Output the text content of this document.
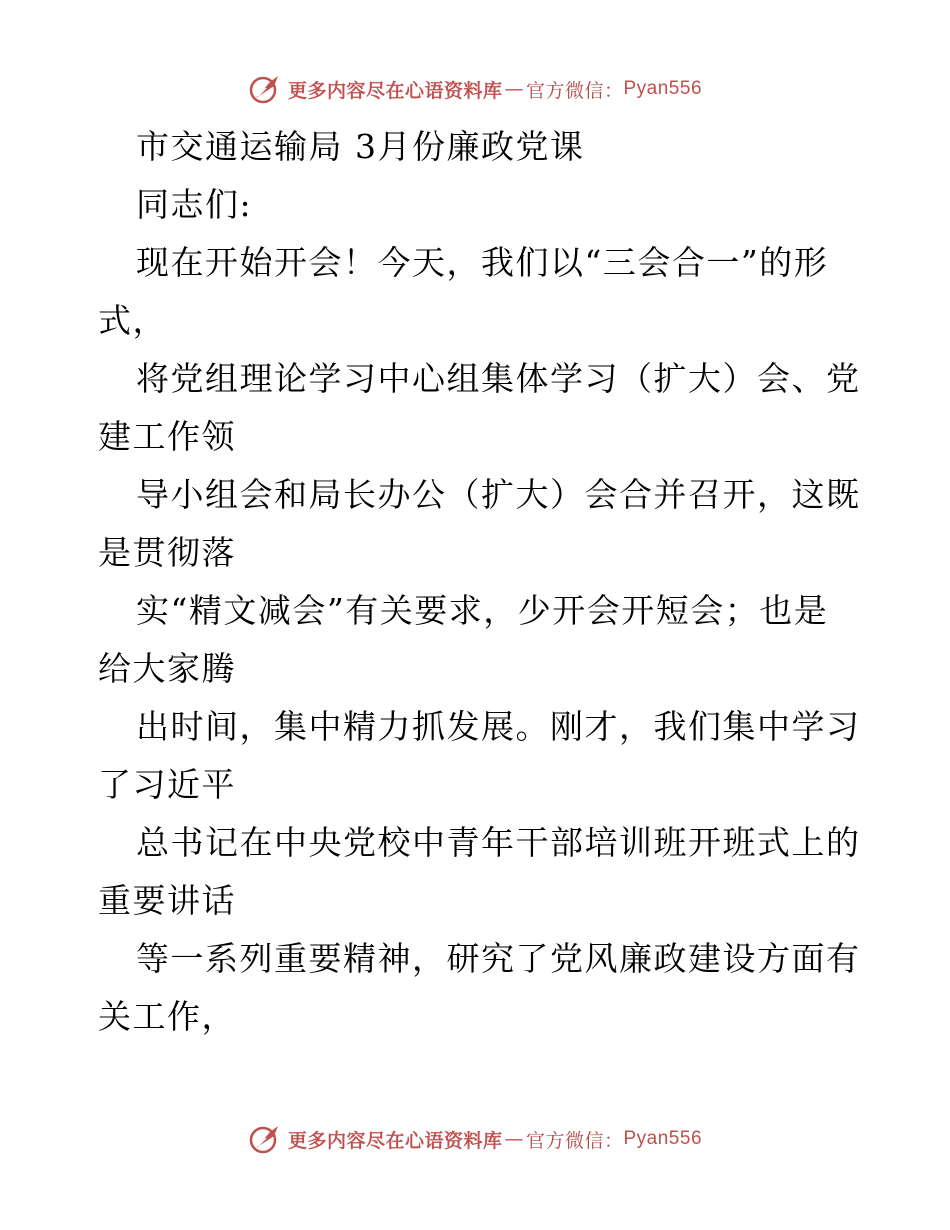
更多内容尽在心语资料库 — 官方微信： Pyan556
市交通运输局 3月份廉政党课
同志们:
现在开始开会！今天，我们以“三会合一”的形
式，
将党组理论学习中心组集体学习（扩大）会、党
建工作领
导小组会和局长办公（扩大）会合并召开，这既
是贯彻落
实“精文减会”有关要求，少开会开短会；也是
给大家腾
出时间，集中精力抓发展。刚才，我们集中学习
了习近平
总书记在中央党校中青年干部培训班开班式上的
重要讲话
等一系列重要精神，研究了党风廉政建设方面有
关工作，
更多内容尽在心语资料库 — 官方微信： Pyan556
